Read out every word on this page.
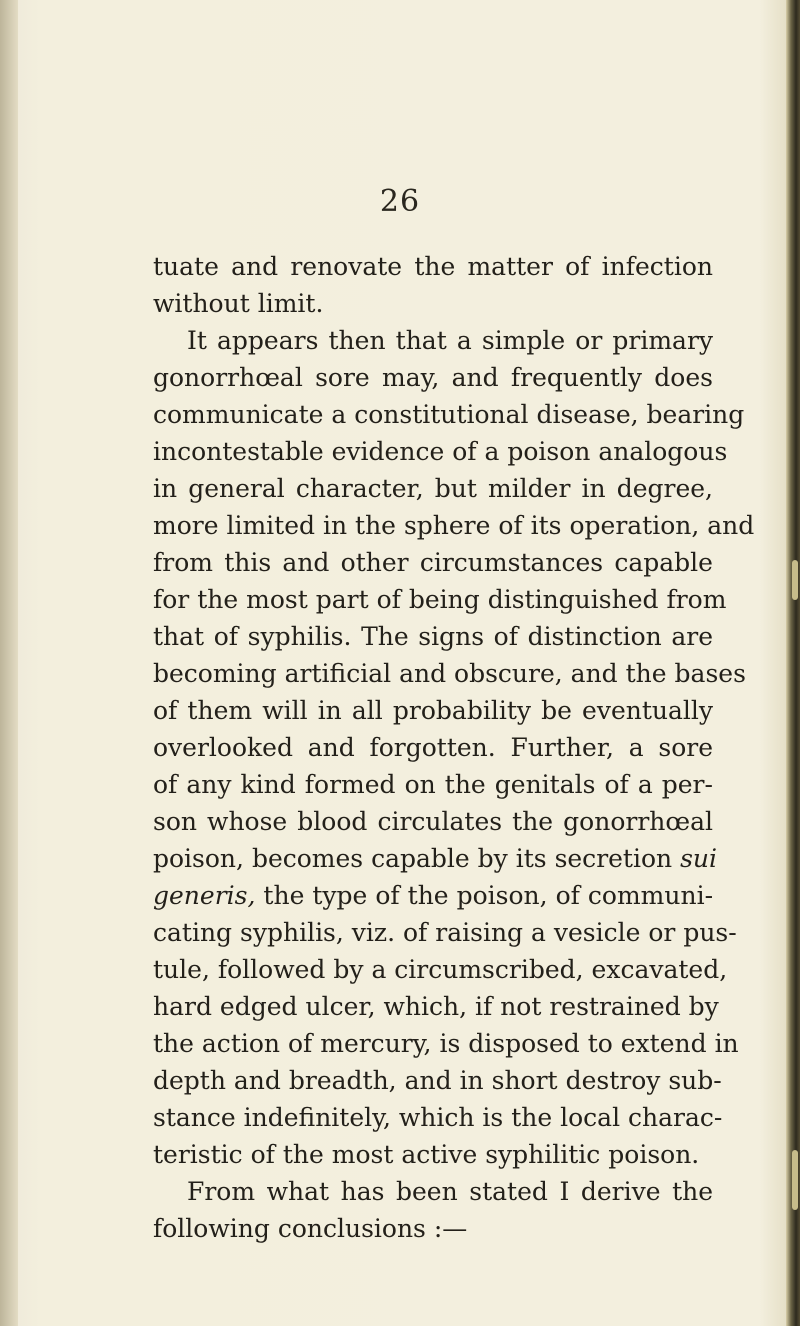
26
tuate and renovate the matter of infection
without limit.
It appears then that a simple or primary
gonorrhœal sore may, and frequently does
communicate a constitutional disease, bearing
incontestable evidence of a poison analogous
in general character, but milder in degree,
more limited in the sphere of its operation, and
from this and other circumstances capable
for the most part of being distinguished from
that of syphilis. The signs of distinction are
becoming artificial and obscure, and the bases
of them will in all probability be eventually
overlooked and forgotten. Further, a sore
of any kind formed on the genitals of a per-
son whose blood circulates the gonorrhœal
poison, becomes capable by its secretion sui
generis, the type of the poison, of communi-
cating syphilis, viz. of raising a vesicle or pus-
tule, followed by a circumscribed, excavated,
hard edged ulcer, which, if not restrained by
the action of mercury, is disposed to extend in
depth and breadth, and in short destroy sub-
stance indefinitely, which is the local charac-
teristic of the most active syphilitic poison.
From what has been stated I derive the
following conclusions :—
